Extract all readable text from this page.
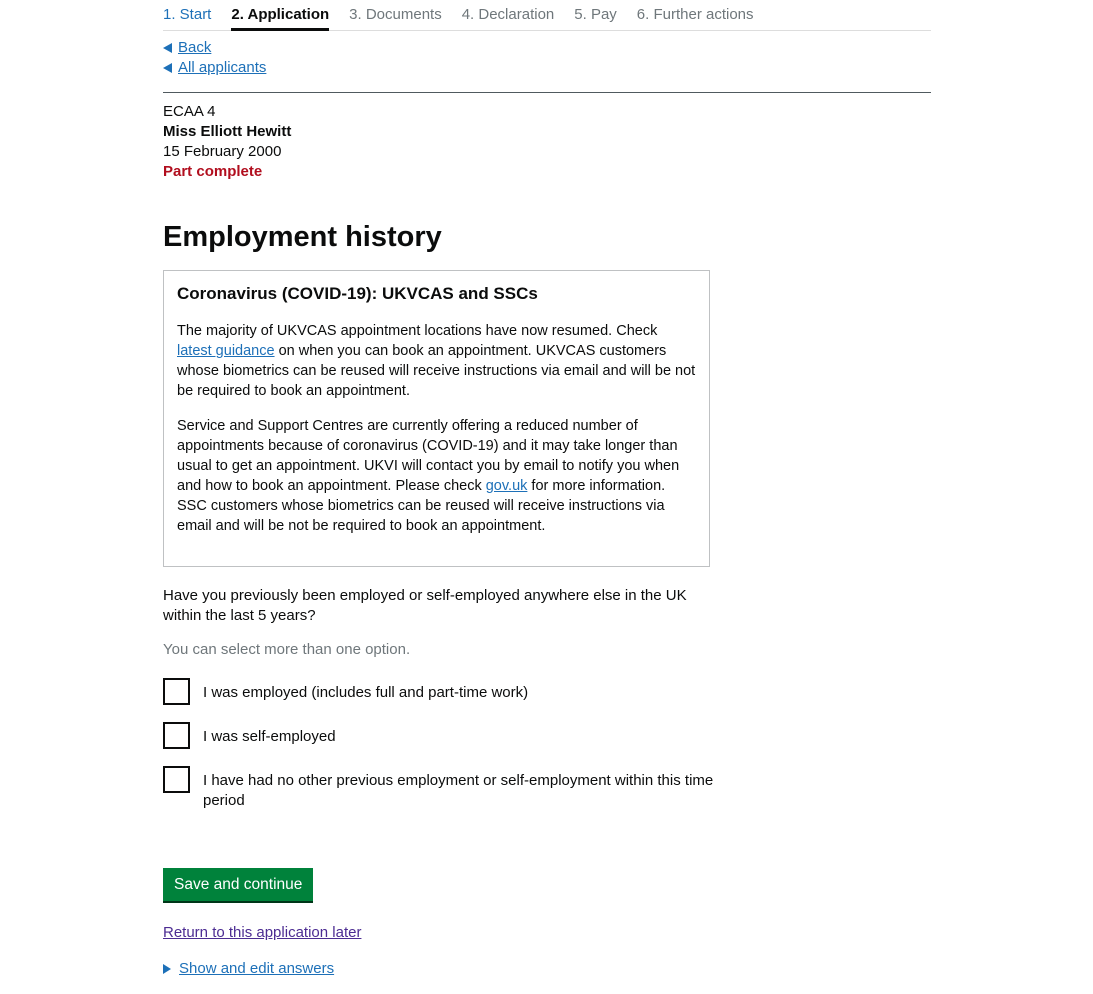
1. Start 2. Application 3. Documents 4. Declaration 5. Pay 6. Further actions
Back
All applicants
ECAA 4
Miss Elliott Hewitt
15 February 2000
Part complete
Employment history
Coronavirus (COVID-19): UKVCAS and SSCs

The majority of UKVCAS appointment locations have now resumed. Check latest guidance on when you can book an appointment. UKVCAS customers whose biometrics can be reused will receive instructions via email and will be not be required to book an appointment.

Service and Support Centres are currently offering a reduced number of appointments because of coronavirus (COVID-19) and it may take longer than usual to get an appointment. UKVI will contact you by email to notify you when and how to book an appointment. Please check gov.uk for more information. SSC customers whose biometrics can be reused will receive instructions via email and will be not be required to book an appointment.

Have you previously been employed or self-employed anywhere else in the UK within the last 5 years?
You can select more than one option.
I was employed (includes full and part-time work)
I was self-employed
I have had no other previous employment or self-employment within this time period
Save and continue
Return to this application later
Show and edit answers
